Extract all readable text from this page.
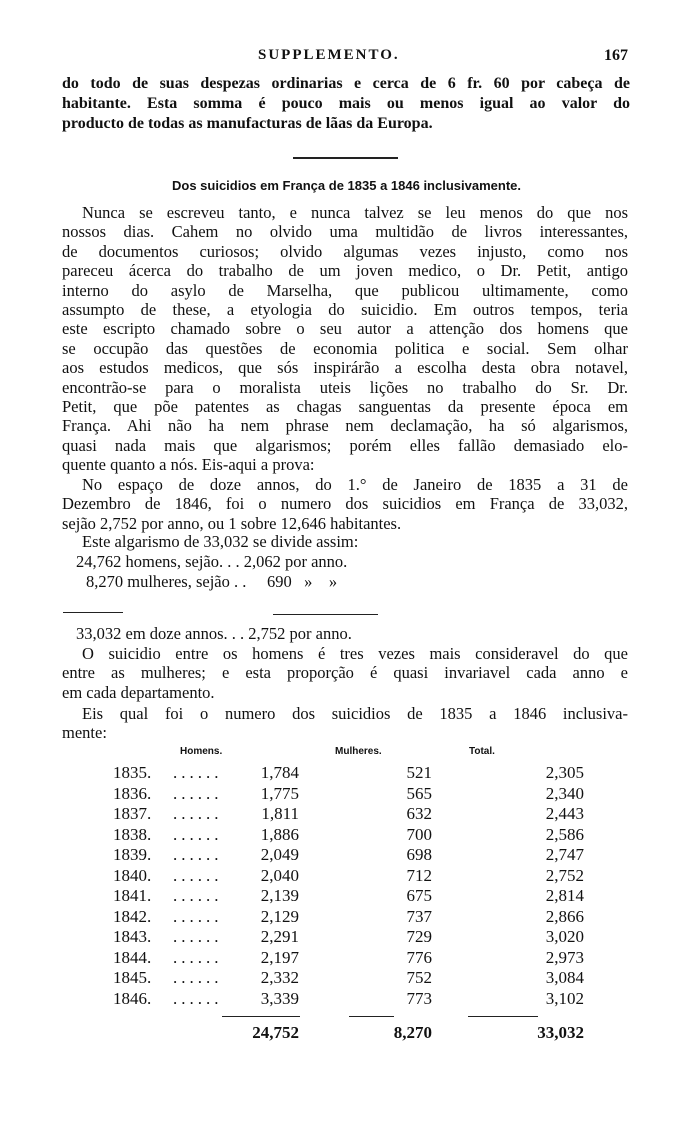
SUPPLEMENTO.	167
do todo de suas despezas ordinarias e cerca de 6 fr. 60 por cabeça de
habitante. Esta somma é pouco mais ou menos igual ao valor do
producto de todas as manufacturas de lãas da Europa.
Dos suicidios em França de 1835 a 1846 inclusivamente.
Nunca se escreveu tanto, e nunca talvez se leu menos do que nos
nossos dias. Cahem no olvido uma multidão de livros interessantes,
de documentos curiosos; olvido algumas vezes injusto, como nos
pareceu ácerca do trabalho de um joven medico, o Dr. Petit, antigo
interno do asylo de Marselha, que publicou ultimamente, como
assumpto de these, a etyologia do suicidio. Em outros tempos, teria
este escripto chamado sobre o seu autor a attenção dos homens que
se occupão das questões de economia politica e social. Sem olhar
aos estudos medicos, que sós inspirárão a escolha desta obra notavel,
encontrão-se para o moralista uteis lições no trabalho do Sr. Dr.
Petit, que põe patentes as chagas sanguentas da presente época em
França. Ahi não ha nem phrase nem declamação, ha só algarismos,
quasi nada mais que algarismos; porém elles fallão demasiado elo-
quente quanto a nós. Eis-aqui a prova:
No espaço de doze annos, do 1.° de Janeiro de 1835 a 31 de
Dezembro de 1846, foi o numero dos suicidios em França de 33,032,
sejão 2,752 por anno, ou 1 sobre 12,646 habitantes.
Este algarismo de 33,032 se divide assim:
24,762 homens, sejão. . . 2,062 por anno.
8,270 mulheres, sejão . .     690   »    »
33,032 em doze annos. . . 2,752 por anno.
O suicidio entre os homens é tres vezes mais consideravel do que
entre as mulheres; e esta proporção é quasi invariavel cada anno e
em cada departamento.
Eis qual foi o numero dos suicidios de 1835 a 1846 inclusiva-
mente:
Homens.	Mulheres.	Total.
1835. ......	1,784	521	2,305
1836. ......	1,775	565	2,340
1837. ......	1,811	632	2,443
1838. ......	1,886	700	2,586
1839. ......	2,049	698	2,747
1840. ......	2,040	712	2,752
1841. ......	2,139	675	2,814
1842. ......	2,129	737	2,866
1843. ......	2,291	729	3,020
1844. ......	2,197	776	2,973
1845. ......	2,332	752	3,084
1846. ......	3,339	773	3,102
24,752	8,270	33,032
